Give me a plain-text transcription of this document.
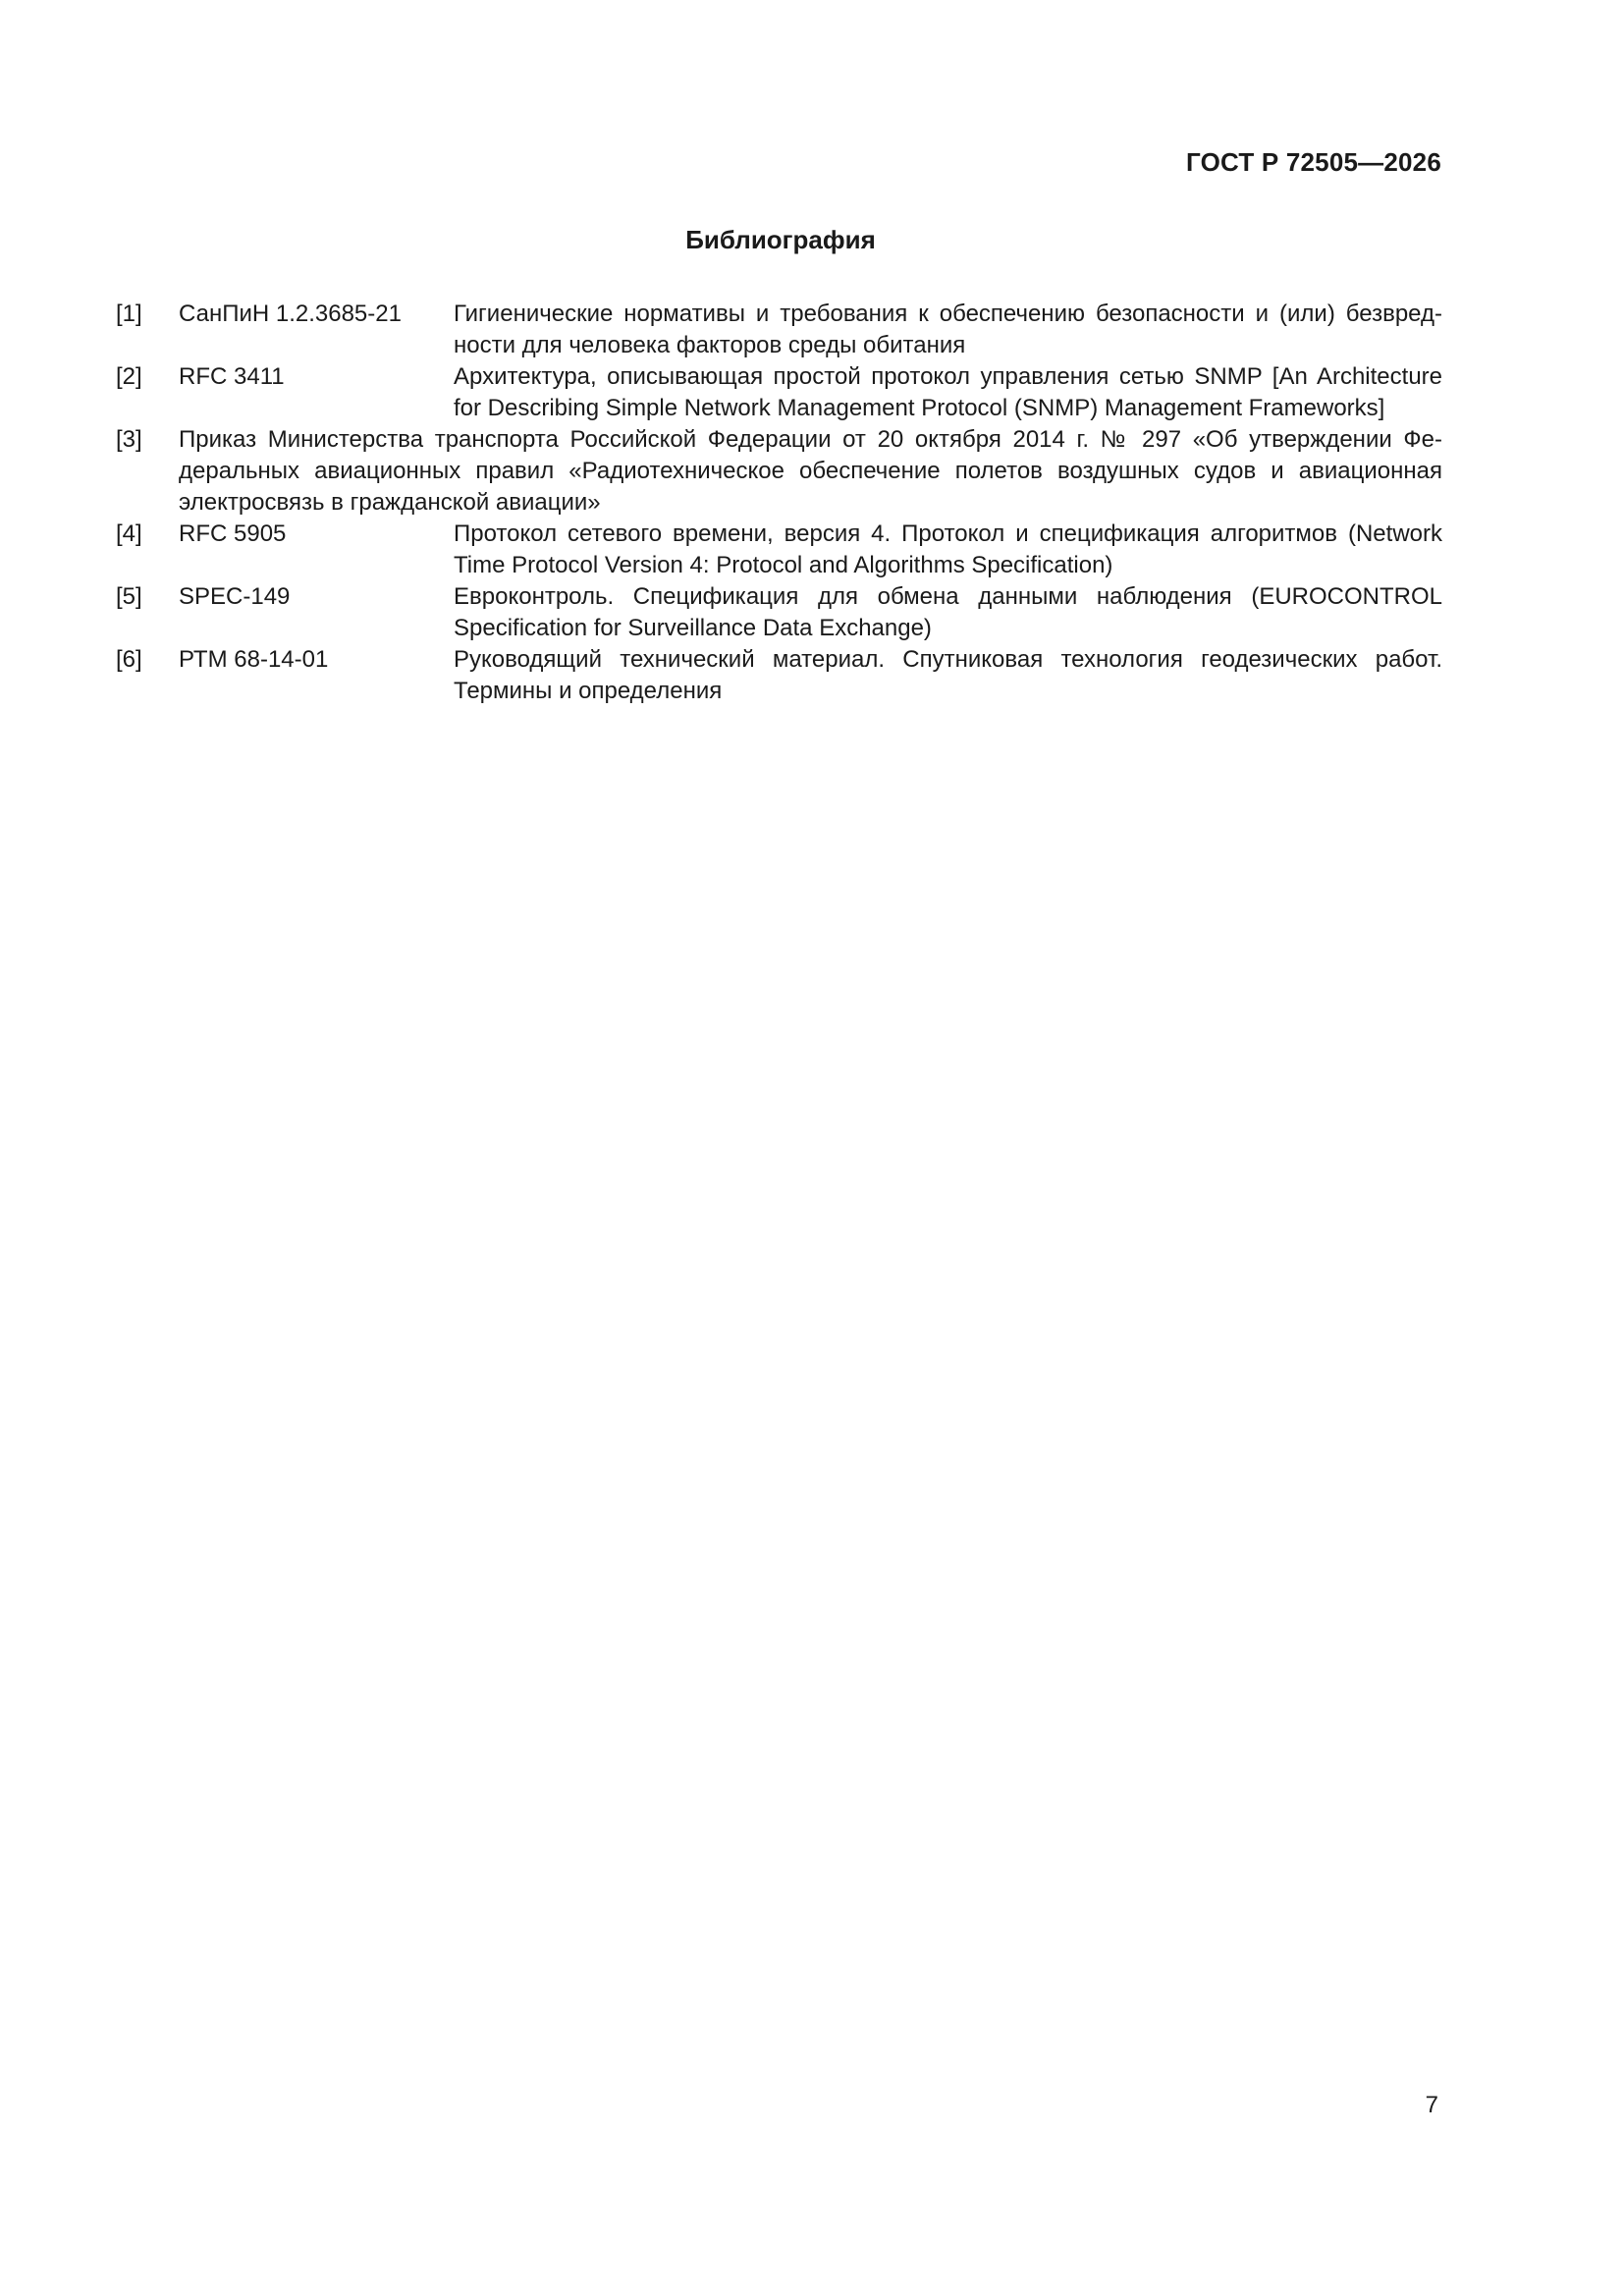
ГОСТ Р 72505—2026
Библиография
[1]	СанПиН 1.2.3685-21	Гигиенические нормативы и требования к обеспечению безопасности и (или) безвредности для человека факторов среды обитания
[2]	RFC 3411	Архитектура, описывающая простой протокол управления сетью SNMP [An Architecture for Describing Simple Network Management Protocol (SNMP) Management Frameworks]
[3]	Приказ Министерства транспорта Российской Федерации от 20 октября 2014 г. № 297 «Об утверждении Федеральных авиационных правил «Радиотехническое обеспечение полетов воздушных судов и авиационная электросвязь в гражданской авиации»
[4]	RFC 5905	Протокол сетевого времени, версия 4. Протокол и спецификация алгоритмов (Network Time Protocol Version 4: Protocol and Algorithms Specification)
[5]	SPEC-149	Евроконтроль. Спецификация для обмена данными наблюдения (EUROCONTROL Specification for Surveillance Data Exchange)
[6]	РТМ 68-14-01	Руководящий технический материал. Спутниковая технология геодезических работ. Термины и определения
7
